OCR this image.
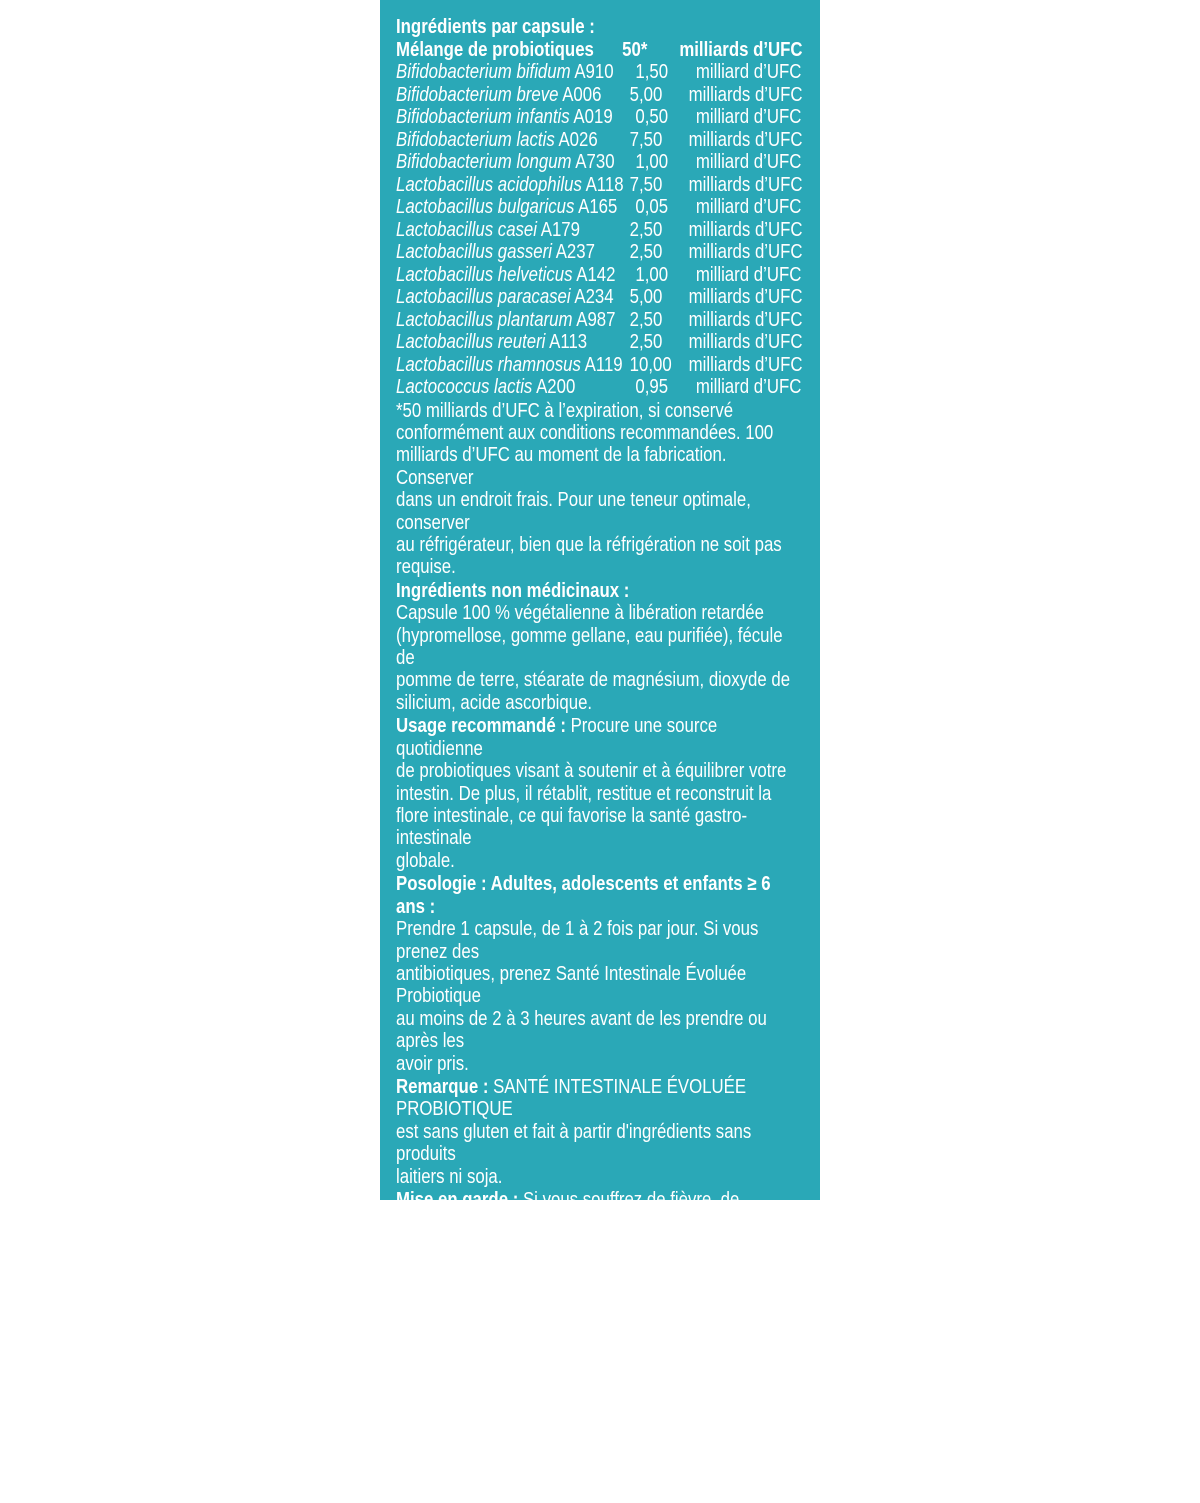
Ingrédients par capsule :
Mélange de probiotiques	50*	milliards d’UFC
Bifidobacterium bifidum A910	1,50	milliard d’UFC
Bifidobacterium breve A006	5,00	milliards d’UFC
Bifidobacterium infantis A019	0,50	milliard d’UFC
Bifidobacterium lactis A026	7,50	milliards d’UFC
Bifidobacterium longum A730	1,00	milliard d’UFC
Lactobacillus acidophilus A118 7,50	milliards d’UFC
Lactobacillus bulgaricus A165 0,05	milliard d’UFC
Lactobacillus casei A179	2,50	milliards d’UFC
Lactobacillus gasseri A237	2,50	milliards d’UFC
Lactobacillus helveticus A142 1,00	milliard d’UFC
Lactobacillus paracasei A234 5,00	milliards d’UFC
Lactobacillus plantarum A987 2,50	milliards d’UFC
Lactobacillus reuteri A113	2,50	milliards d’UFC
Lactobacillus rhamnosus A119 10,00 milliards d’UFC
Lactococcus lactis A200	0,95	milliard d’UFC
*50 milliards d’UFC à l’expiration, si conservé
conformément aux conditions recommandées. 100
milliards d’UFC au moment de la fabrication. Conserver
dans un endroit frais. Pour une teneur optimale, conserver
au réfrigérateur, bien que la réfrigération ne soit pas requise.
Ingrédients non médicinaux :
Capsule 100 % végétalienne à libération retardée
(hypromellose, gomme gellane, eau purifiée), fécule de
pomme de terre, stéarate de magnésium, dioxyde de
silicium, acide ascorbique.
Usage recommandé : Procure une source quotidienne
de probiotiques visant à soutenir et à équilibrer votre
intestin. De plus, il rétablit, restitue et reconstruit la
flore intestinale, ce qui favorise la santé gastro-intestinale
globale.
Posologie : Adultes, adolescents et enfants ≥ 6 ans :
Prendre 1 capsule, de 1 à 2 fois par jour. Si vous prenez des
antibiotiques, prenez Santé Intestinale Évoluée Probiotique
au moins de 2 à 3 heures avant de les prendre ou après les
avoir pris.
Remarque : SANTÉ INTESTINALE ÉVOLUÉE PROBIOTIQUE
est sans gluten et fait à partir d'ingrédients sans produits
laitiers ni soja.
Mise en garde : Si vous souffrez de fièvre, de
vomissements, de diarrhées sanglantes ou de douleurs
abdominales aiguës, consultez un praticien de la santé
avant de prendre ce produit. Si des symptômes de
perturbation digestive (p. ex., une diarrhée) surviennent,
s’aggravent ou persistent au-delà de 3 jours, abandonnez
l’utilisation et consultez un praticien de la santé. Si vous
souffrez d’un déficit immunitaire, n’utilisez pas ce produit.
